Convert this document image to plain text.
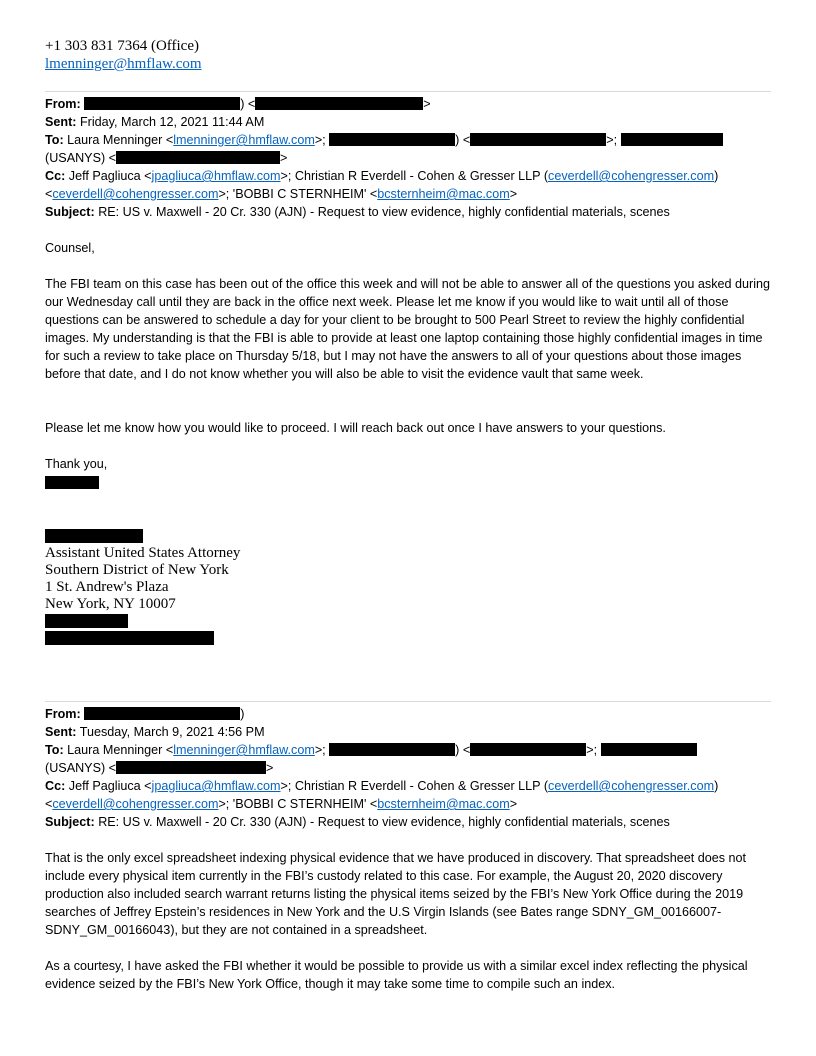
+1 303 831 7364 (Office)
lmenninger@hmflaw.com
From:	) <	>
Sent: Friday, March 12, 2021 11:44 AM
To: Laura Menninger <lmenninger@hmflaw.com>;	) <	>;
(USANYS) <	>
Cc: Jeff Pagliuca <jpagliuca@hmflaw.com>; Christian R Everdell - Cohen & Gresser LLP (ceverdell@cohengresser.com)
<ceverdell@cohengresser.com>; 'BOBBI C STERNHEIM' <bcsternheim@mac.com>
Subject: RE: US v. Maxwell - 20 Cr. 330 (AJN) - Request to view evidence, highly confidential materials, scenes
Counsel,
The FBI team on this case has been out of the office this week and will not be able to answer all of the questions you asked during our Wednesday call until they are back in the office next week. Please let me know if you would like to wait until all of those questions can be answered to schedule a day for your client to be brought to 500 Pearl Street to review the highly confidential images. My understanding is that the FBI is able to provide at least one laptop containing those highly confidential images in time for such a review to take place on Thursday 5/18, but I may not have the answers to all of your questions about those images before that date, and I do not know whether you will also be able to visit the evidence vault that same week.
Please let me know how you would like to proceed. I will reach back out once I have answers to your questions.
Thank you,
Assistant United States Attorney
Southern District of New York
1 St. Andrew's Plaza
New York, NY 10007
From:	)
Sent: Tuesday, March 9, 2021 4:56 PM
To: Laura Menninger <lmenninger@hmflaw.com>;	) <	>;
(USANYS) <	>
Cc: Jeff Pagliuca <jpagliuca@hmflaw.com>; Christian R Everdell - Cohen & Gresser LLP (ceverdell@cohengresser.com)
<ceverdell@cohengresser.com>; 'BOBBI C STERNHEIM' <bcsternheim@mac.com>
Subject: RE: US v. Maxwell - 20 Cr. 330 (AJN) - Request to view evidence, highly confidential materials, scenes
That is the only excel spreadsheet indexing physical evidence that we have produced in discovery. That spreadsheet does not include every physical item currently in the FBI’s custody related to this case. For example, the August 20, 2020 discovery production also included search warrant returns listing the physical items seized by the FBI’s New York Office during the 2019 searches of Jeffrey Epstein’s residences in New York and the U.S Virgin Islands (see Bates range SDNY_GM_00166007-SDNY_GM_00166043), but they are not contained in a spreadsheet.
As a courtesy, I have asked the FBI whether it would be possible to provide us with a similar excel index reflecting the physical evidence seized by the FBI’s New York Office, though it may take some time to compile such an index.
